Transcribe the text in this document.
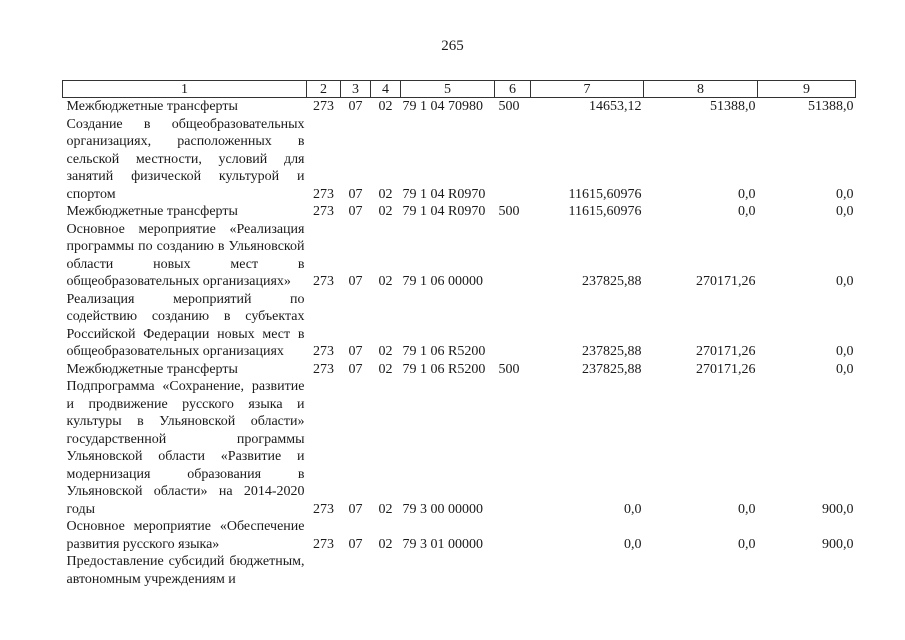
265
1	2	3	4	5	6	7	8	9
Межбюджетные трансферты	273	07	02	79 1 04 70980	500	14653,12	51388,0	51388,0
Создание в общеобразовательных организациях, расположенных в сельской местности, условий для занятий физической культурой и спортом	273	07	02	79 1 04 R0970		11615,60976	0,0	0,0
Межбюджетные трансферты	273	07	02	79 1 04 R0970	500	11615,60976	0,0	0,0
Основное мероприятие «Реализация программы по созданию в Ульяновской области новых мест в общеобразовательных организациях»	273	07	02	79 1 06 00000		237825,88	270171,26	0,0
Реализация мероприятий по содействию созданию в субъектах Российской Федерации новых мест в общеобразовательных организациях	273	07	02	79 1 06 R5200		237825,88	270171,26	0,0
Межбюджетные трансферты	273	07	02	79 1 06 R5200	500	237825,88	270171,26	0,0
Подпрограмма «Сохранение, развитие и продвижение русского языка и культуры в Ульяновской области» государственной программы Ульяновской области «Развитие и модернизация образования в Ульяновской области» на 2014-2020 годы	273	07	02	79 3 00 00000		0,0	0,0	900,0
Основное мероприятие «Обеспечение развития русского языка»	273	07	02	79 3 01 00000		0,0	0,0	900,0
Предоставление субсидий бюджетным, автономным учреждениям и								
